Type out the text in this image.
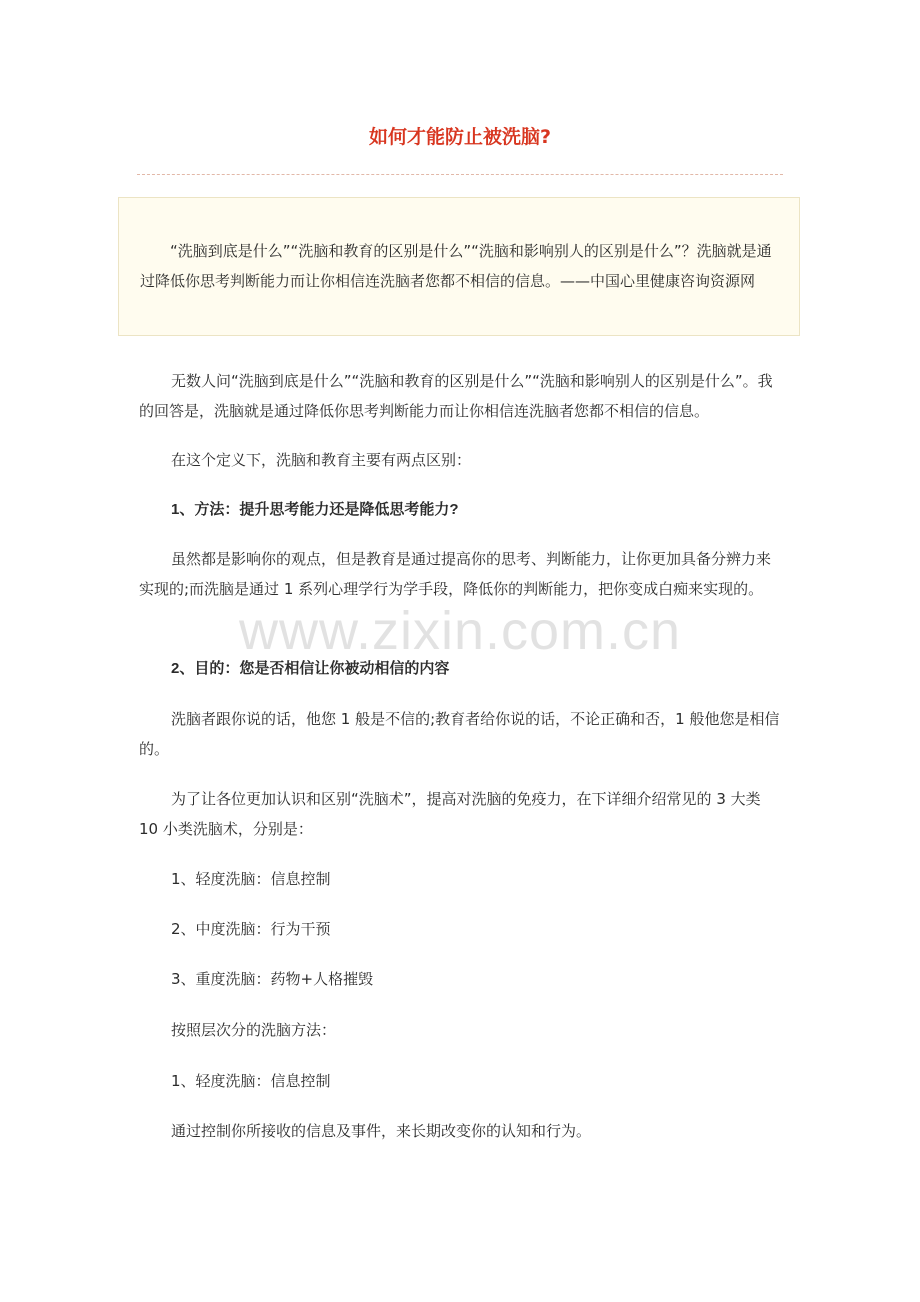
如何才能防止被洗脑?

“洗脑到底是什么”“洗脑和教育的区别是什么”“洗脑和影响别人的区别是什么”？洗脑就是通过降低你思考判断能力而让你相信连洗脑者您都不相信的信息。——中国心里健康咨询资源网

无数人问“洗脑到底是什么”“洗脑和教育的区别是什么”“洗脑和影响别人的区别是什么”。我的回答是，洗脑就是通过降低你思考判断能力而让你相信连洗脑者您都不相信的信息。

在这个定义下，洗脑和教育主要有两点区别：

1、方法：提升思考能力还是降低思考能力?

虽然都是影响你的观点，但是教育是通过提高你的思考、判断能力，让你更加具备分辨力来实现的;而洗脑是通过 1 系列心理学行为学手段，降低你的判断能力，把你变成白痴来实现的。

2、目的：您是否相信让你被动相信的内容

洗脑者跟你说的话，他您 1 般是不信的;教育者给你说的话，不论正确和否，1 般他您是相信的。

为了让各位更加认识和区别“洗脑术”，提高对洗脑的免疫力，在下详细介绍常见的 3 大类 10 小类洗脑术，分别是：

1、轻度洗脑：信息控制

2、中度洗脑：行为干预

3、重度洗脑：药物+人格摧毁

按照层次分的洗脑方法：

1、轻度洗脑：信息控制

通过控制你所接收的信息及事件，来长期改变你的认知和行为。

www.zixin.com.cn
